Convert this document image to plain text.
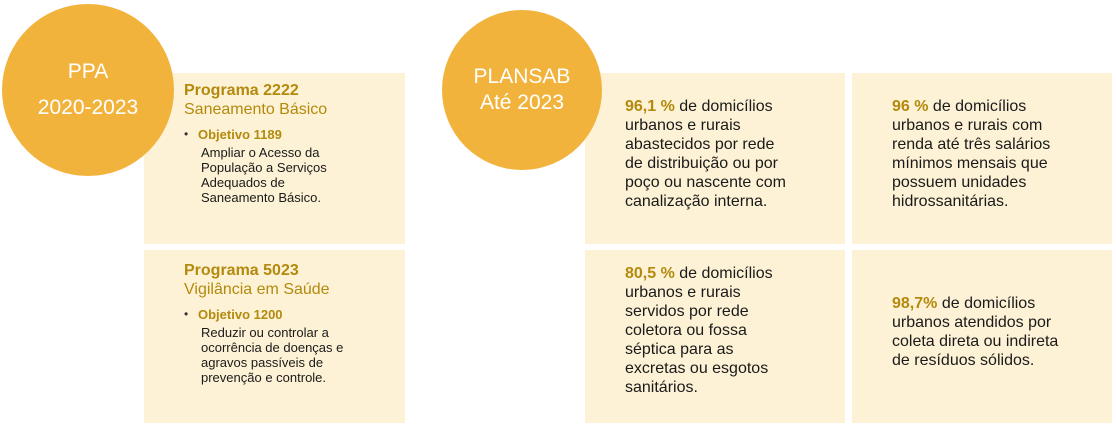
PPA
2020-2023
PLANSAB
Até 2023
Programa 2222
Saneamento Básico
• Objetivo 1189
Ampliar o Acesso da
População a Serviços
Adequados de
Saneamento Básico.
Programa 5023
Vigilância em Saúde
• Objetivo 1200
Reduzir ou controlar a
ocorrência de doenças e
agravos passíveis de
prevenção e controle.
96,1 % de domicílios
urbanos e rurais
abastecidos por rede
de distribuição ou por
poço ou nascente com
canalização interna.
96 % de domicílios
urbanos e rurais com
renda até três salários
mínimos mensais que
possuem unidades
hidrossanitárias.
80,5 % de domicílios
urbanos e rurais
servidos por rede
coletora ou fossa
séptica para as
excretas ou esgotos
sanitários.
98,7% de domicílios
urbanos atendidos por
coleta direta ou indireta
de resíduos sólidos.
